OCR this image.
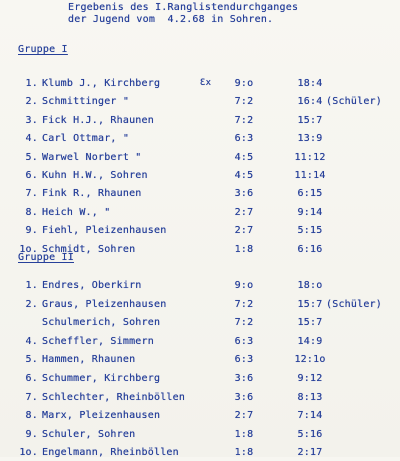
Ergebenis des I.Ranglistendurchganges
der Jugend vom  4.2.68 in Sohren.
Gruppe I
1. Klumb J., Kirchberg	Ɛx	9:o	18:4
2. Schmittinger "	7:2	16:4 (Schüler)
3. Fick H.J., Rhaunen	7:2	15:7
4. Carl Ottmar, "	6:3	13:9
5. Warwel Norbert "	4:5	11:12
6. Kuhn H.W., Sohren	4:5	11:14
7. Fink R., Rhaunen	3:6	6:15
8. Heich W., "	2:7	9:14
9. Fiehl, Pleizenhausen	2:7	5:15
1o. Schmidt, Sohren	1:8	6:16
Gruppe II
1. Endres, Oberkirn	9:o	18:o
2. Graus, Pleizenhausen	7:2	15:7 (Schüler)
Schulmerich, Sohren	7:2	15:7
4. Scheffler, Simmern	6:3	14:9
5. Hammen, Rhaunen	6:3	12:1o
6. Schummer, Kirchberg	3:6	9:12
7. Schlechter, Rheinböllen	3:6	8:13
8. Marx, Pleizenhausen	2:7	7:14
9. Schuler, Sohren	1:8	5:16
1o. Engelmann, Rheinböllen	1:8	2:17
